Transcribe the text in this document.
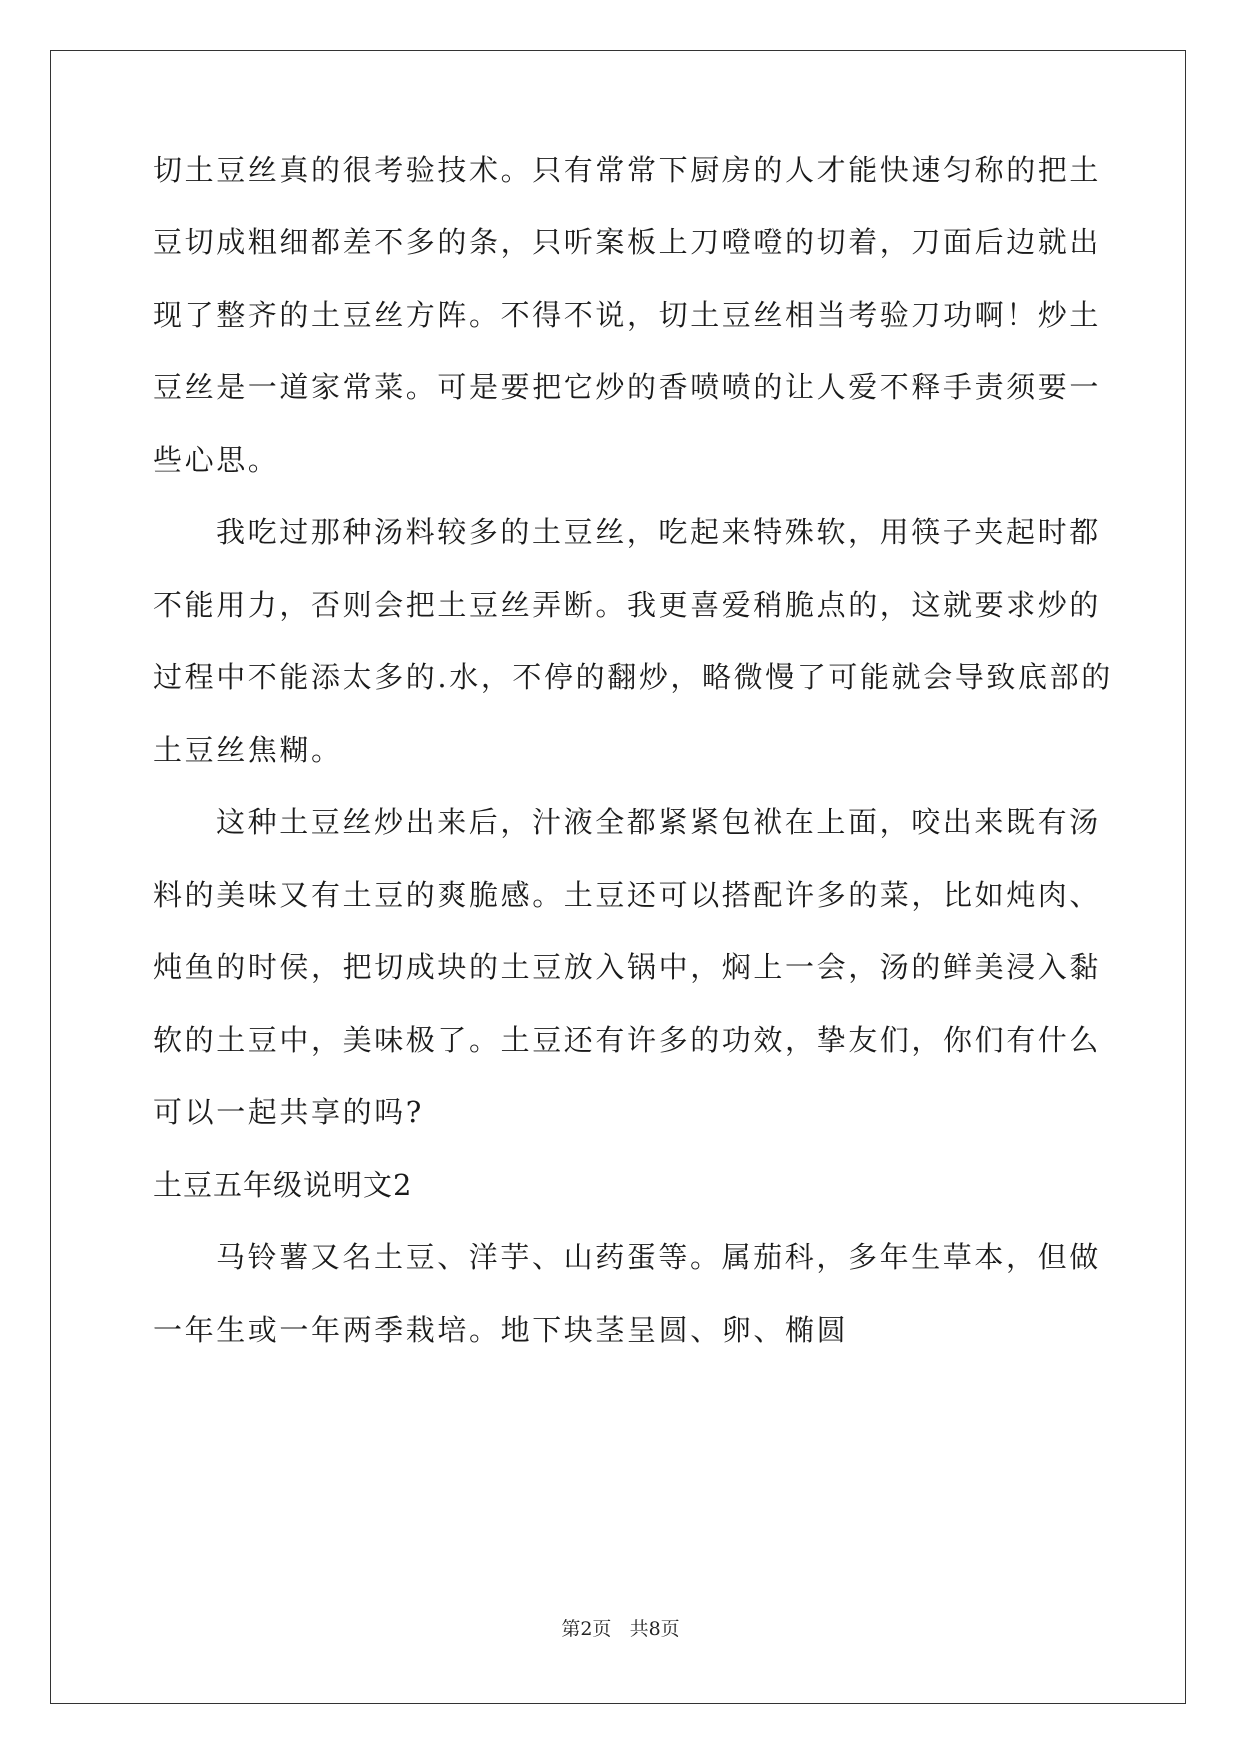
切土豆丝真的很考验技术。只有常常下厨房的人才能快速匀称的把土
豆切成粗细都差不多的条，只听案板上刀噔噔的切着，刀面后边就出
现了整齐的土豆丝方阵。不得不说，切土豆丝相当考验刀功啊！炒土
豆丝是一道家常菜。可是要把它炒的香喷喷的让人爱不释手责须要一
些心思。
我吃过那种汤料较多的土豆丝，吃起来特殊软，用筷子夹起时都
不能用力，否则会把土豆丝弄断。我更喜爱稍脆点的，这就要求炒的
过程中不能添太多的.水，不停的翻炒，略微慢了可能就会导致底部的
土豆丝焦糊。
这种土豆丝炒出来后，汁液全都紧紧包袱在上面，咬出来既有汤
料的美味又有土豆的爽脆感。土豆还可以搭配许多的菜，比如炖肉、
炖鱼的时侯，把切成块的土豆放入锅中，焖上一会，汤的鲜美浸入黏
软的土豆中，美味极了。土豆还有许多的功效，挚友们，你们有什么
可以一起共享的吗?
土豆五年级说明文2
马铃薯又名土豆、洋芋、山药蛋等。属茄科，多年生草本，但做
一年生或一年两季栽培。地下块茎呈圆、卵、椭圆
第2页 共8页
